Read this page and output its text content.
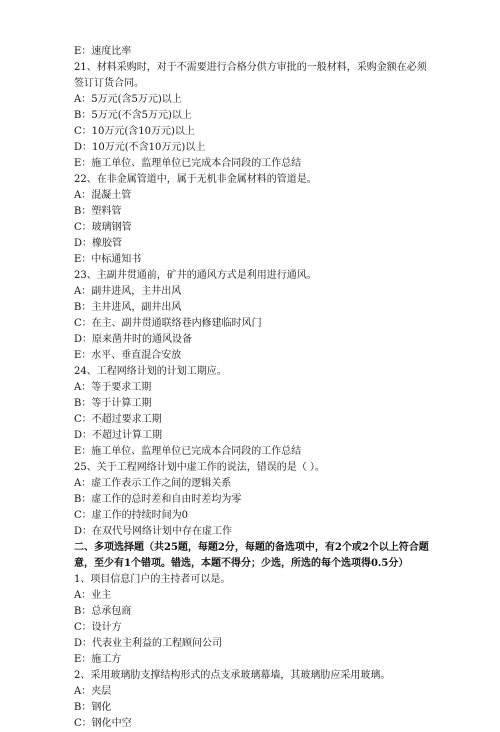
E：速度比率
21、材料采购时，对于不需要进行合格分供方审批的一般材料，采购金额在必须签订订货合同。
A：5万元(含5万元)以上
B：5万元(不含5万元)以上
C：10万元(含10万元)以上
D：10万元(不含10万元)以上
E：施工单位、监理单位已完成本合同段的工作总结
22、在非金属管道中，属于无机非金属材料的管道是。
A：混凝土管
B：塑料管
C：玻璃钢管
D：橡胶管
E：中标通知书
23、主副井贯通前，矿井的通风方式是利用进行通风。
A：副井进风，主井出风
B：主井进风，副井出风
C：在主、副井贯通联络巷内修建临时风门
D：原来凿井时的通风设备
E：水平、垂直混合安放
24、工程网络计划的计划工期应。
A：等于要求工期
B：等于计算工期
C：不超过要求工期
D：不超过计算工期
E：施工单位、监理单位已完成本合同段的工作总结
25、关于工程网络计划中虚工作的说法，错误的是（ ）。
A：虚工作表示工作之间的逻辑关系
B：虚工作的总时差和自由时差均为零
C：虚工作的持续时间为0
D：在双代号网络计划中存在虚工作
二、多项选择题（共25题，每题2分，每题的备选项中，有2个或2个以上符合题意，至少有1个错项。错选，本题不得分；少选，所选的每个选项得0.5分）
1、项目信息门户的主持者可以是。
A：业主
B：总承包商
C：设计方
D：代表业主利益的工程顾问公司
E：施工方
2、采用玻璃肋支撑结构形式的点支承玻璃幕墙，其玻璃肋应采用玻璃。
A：夹层
B：钢化
C：钢化中空
